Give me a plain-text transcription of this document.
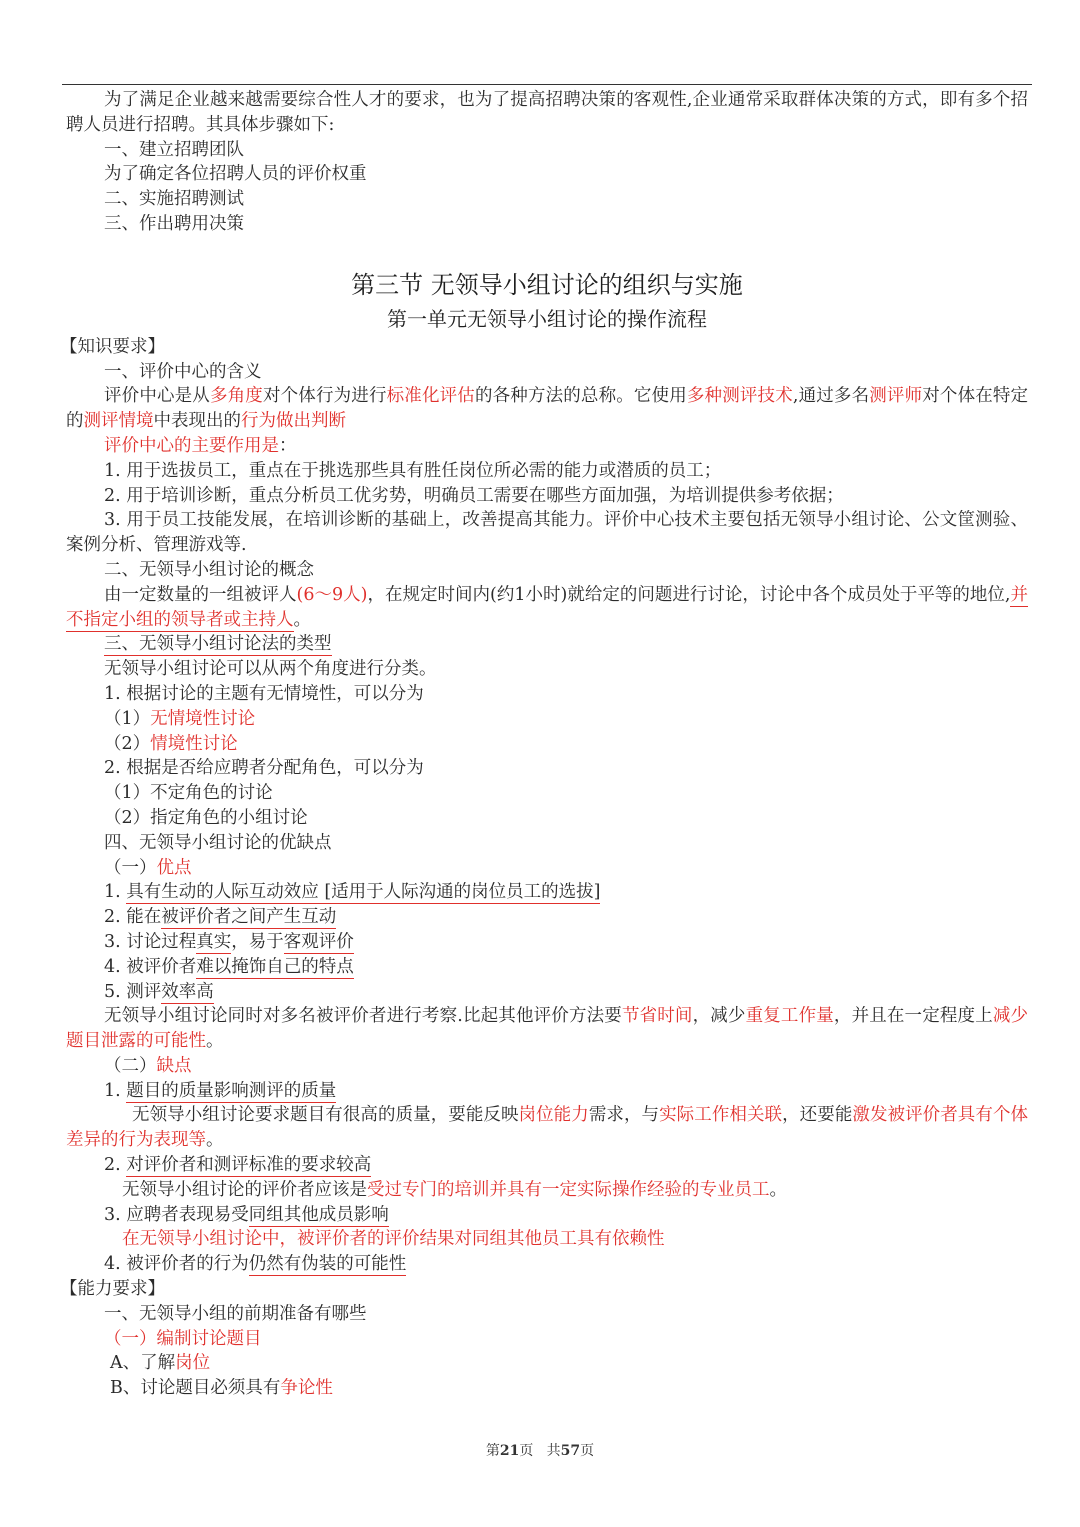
为了满足企业越来越需要综合性人才的要求，也为了提高招聘决策的客观性,企业通常采取群体决策的方式，即有多个招聘人员进行招聘。其具体步骤如下:
一、建立招聘团队
为了确定各位招聘人员的评价权重
二、实施招聘测试
三、作出聘用决策
第三节 无领导小组讨论的组织与实施
第一单元无领导小组讨论的操作流程
【知识要求】
一、评价中心的含义
评价中心是从多角度对个体行为进行标准化评估的各种方法的总称。它使用多种测评技术,通过多名测评师对个体在特定的测评情境中表现出的行为做出判断
评价中心的主要作用是：
1. 用于选拔员工，重点在于挑选那些具有胜任岗位所必需的能力或潜质的员工；
2. 用于培训诊断，重点分析员工优劣势，明确员工需要在哪些方面加强，为培训提供参考依据；
3. 用于员工技能发展，在培训诊断的基础上，改善提高其能力。评价中心技术主要包括无领导小组讨论、公文筐测验、案例分析、管理游戏等.
二、无领导小组讨论的概念
由一定数量的一组被评人(6～9人)，在规定时间内(约1小时)就给定的问题进行讨论，讨论中各个成员处于平等的地位,并不指定小组的领导者或主持人。
三、无领导小组讨论法的类型
无领导小组讨论可以从两个角度进行分类。
1. 根据讨论的主题有无情境性，可以分为
（1）无情境性讨论
（2）情境性讨论
2. 根据是否给应聘者分配角色，可以分为
（1）不定角色的讨论
（2）指定角色的小组讨论
四、无领导小组讨论的优缺点
（一）优点
1. 具有生动的人际互动效应 [适用于人际沟通的岗位员工的选拔]
2. 能在被评价者之间产生互动
3. 讨论过程真实，易于客观评价
4. 被评价者难以掩饰自己的特点
5. 测评效率高
无领导小组讨论同时对多名被评价者进行考察.比起其他评价方法要节省时间，减少重复工作量，并且在一定程度上减少题目泄露的可能性。
（二）缺点
1. 题目的质量影响测评的质量
无领导小组讨论要求题目有很高的质量，要能反映岗位能力需求，与实际工作相关联，还要能激发被评价者具有个体差异的行为表现等。
2. 对评价者和测评标准的要求较高
无领导小组讨论的评价者应该是受过专门的培训并具有一定实际操作经验的专业员工。
3. 应聘者表现易受同组其他成员影响
在无领导小组讨论中，被评价者的评价结果对同组其他员工具有依赖性
4. 被评价者的行为仍然有伪装的可能性
【能力要求】
一、无领导小组的前期准备有哪些
（一）编制讨论题目
A、了解岗位
B、讨论题目必须具有争论性
第21页   共57页
